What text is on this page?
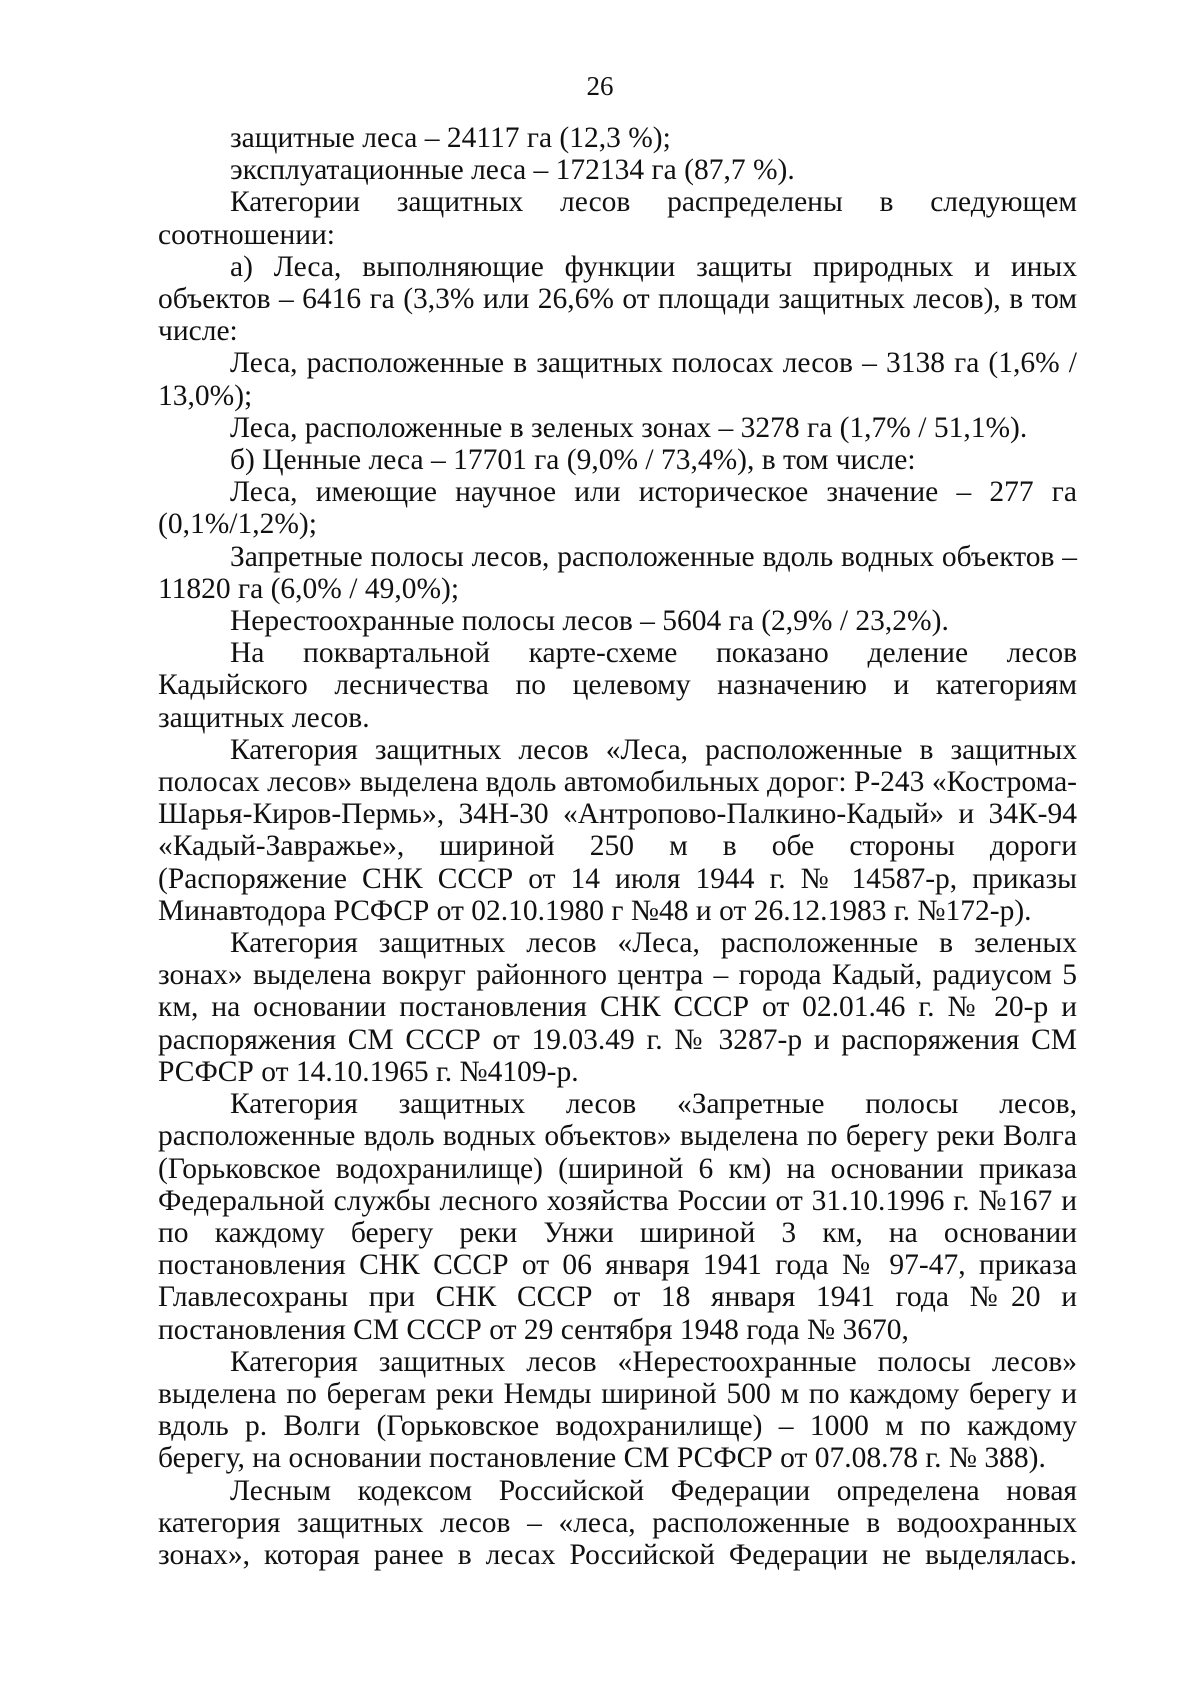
26

защитные леса – 24117 га (12,3 %);

эксплуатационные леса – 172134 га (87,7 %).

Категории защитных лесов распределены в следующем соотношении:

а) Леса, выполняющие функции защиты природных и иных объектов – 6416 га (3,3% или 26,6% от площади защитных лесов), в том числе:

Леса, расположенные в защитных полосах лесов – 3138 га (1,6% / 13,0%);

Леса, расположенные в зеленых зонах – 3278 га (1,7% / 51,1%).

б) Ценные леса – 17701 га (9,0% / 73,4%), в том числе:

Леса, имеющие научное или историческое значение – 277 га (0,1%/1,2%);

Запретные полосы лесов, расположенные вдоль водных объектов – 11820 га (6,0% / 49,0%);

Нерестоохранные полосы лесов – 5604 га (2,9% / 23,2%).

На поквартальной карте-схеме показано деление лесов Кадыйского лесничества по целевому назначению и категориям защитных лесов.

Категория защитных лесов «Леса, расположенные в защитных полосах лесов» выделена вдоль автомобильных дорог: Р-243 «Кострома-Шарья-Киров-Пермь», 34Н-30 «Антропово-Палкино-Кадый» и 34К-94 «Кадый-Завражье», шириной 250 м в обе стороны дороги (Распоряжение СНК СССР от 14 июля 1944 г. № 14587-р, приказы Минавтодора РСФСР от 02.10.1980 г №48 и от 26.12.1983 г. №172-р).

Категория защитных лесов «Леса, расположенные в зеленых зонах» выделена вокруг районного центра – города Кадый, радиусом 5 км, на основании постановления СНК СССР от 02.01.46 г. № 20-р и распоряжения СМ СССР от 19.03.49 г. № 3287-р и распоряжения СМ РСФСР от 14.10.1965 г. №4109-р.

Категория защитных лесов «Запретные полосы лесов, расположенные вдоль водных объектов» выделена по берегу реки Волга (Горьковское водохранилище) (шириной 6 км) на основании приказа Федеральной службы лесного хозяйства России от 31.10.1996 г. №167 и по каждому берегу реки Унжи шириной 3 км, на основании постановления СНК СССР от 06 января 1941 года № 97-47, приказа Главлесохраны при СНК СССР от 18 января 1941 года №20 и постановления СМ СССР от 29 сентября 1948 года № 3670,

Категория защитных лесов «Нерестоохранные полосы лесов» выделена по берегам реки Немды шириной 500 м по каждому берегу и вдоль р. Волги (Горьковское водохранилище) – 1000 м по каждому берегу, на основании постановление СМ РСФСР от 07.08.78 г. № 388).

Лесным кодексом Российской Федерации определена новая категория защитных лесов – «леса, расположенные в водоохранных зонах», которая ранее в лесах Российской Федерации не выделялась.
